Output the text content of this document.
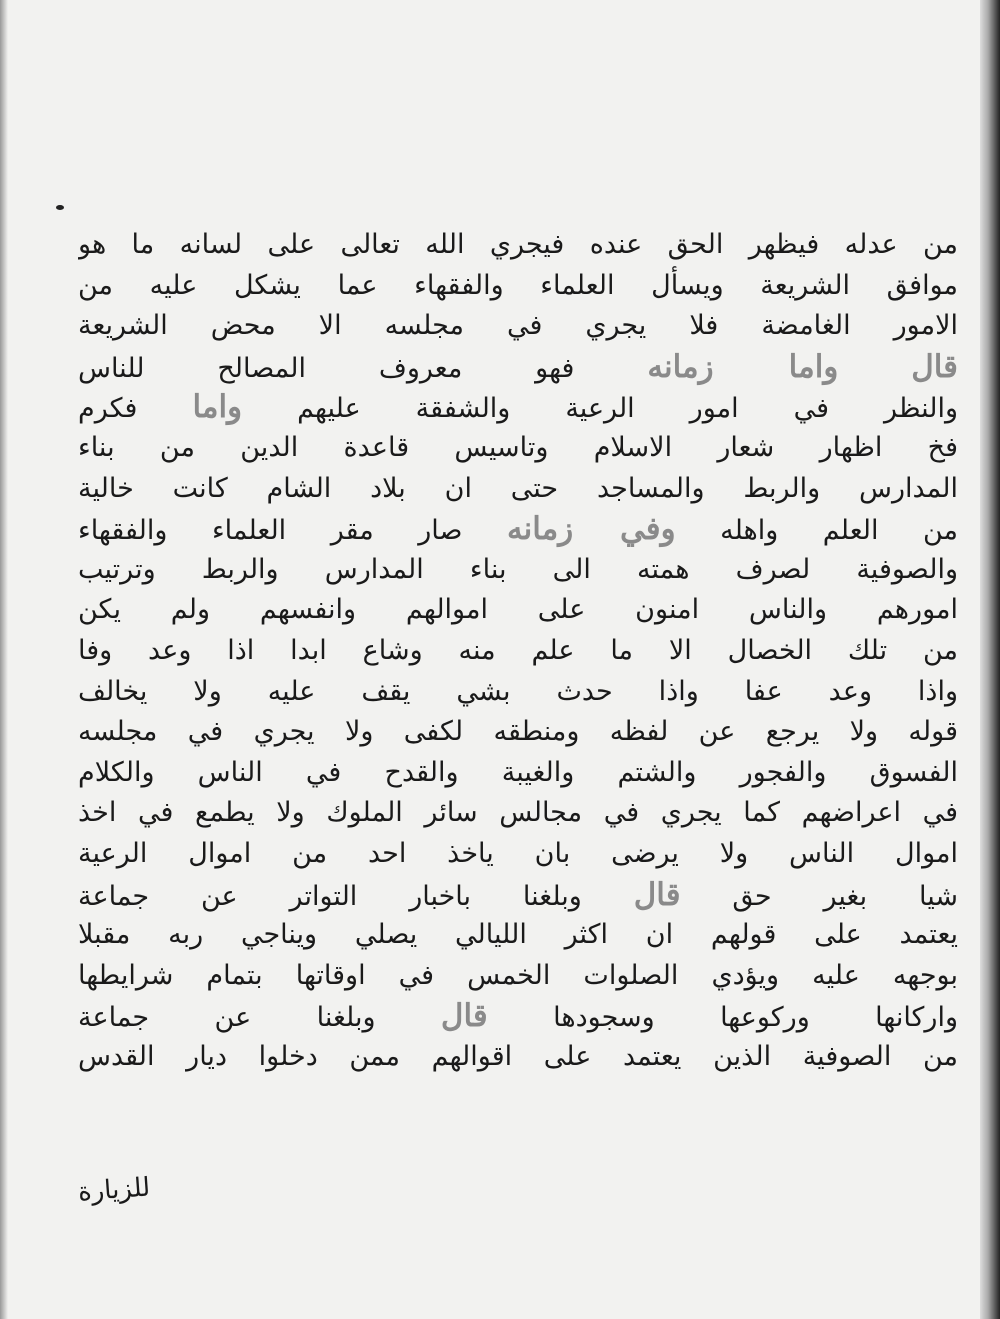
من عدله فيظهر الحق عنده فيجري الله تعالى على لسانه ما هو
موافق الشريعة ويسأل العلماء والفقهاء عما يشكل عليه من
الامور الغامضة فلا يجري في مجلسه الا محض الشريعة
قال واما زمانه فهو معروف المصالح للناس
والنظر في امور الرعية والشفقة عليهم واما فكرم
فخ اظهار شعار الاسلام وتاسيس قاعدة الدين من بناء
المدارس والربط والمساجد حتى ان بلاد الشام كانت خالية
من العلم واهله وفي زمانه صار مقر العلماء والفقهاء
والصوفية لصرف همته الى بناء المدارس والربط وترتيب
امورهم والناس امنون على اموالهم وانفسهم ولم يكن
من تلك الخصال الا ما علم منه وشاع ابدا اذا وعد وفا
واذا وعد عفا واذا حدث بشي يقف عليه ولا يخالف
قوله ولا يرجع عن لفظه ومنطقه لكفى ولا يجري في مجلسه
الفسوق والفجور والشتم والغيبة والقدح في الناس والكلام
في اعراضهم كما يجري في مجالس سائر الملوك ولا يطمع في اخذ
اموال الناس ولا يرضى بان ياخذ احد من اموال الرعية
شيا بغير حق قال وبلغنا باخبار التواتر عن جماعة
يعتمد على قولهم ان اكثر الليالي يصلي ويناجي ربه مقبلا
بوجهه عليه ويؤدي الصلوات الخمس في اوقاتها بتمام شرايطها
واركانها وركوعها وسجودها قال وبلغنا عن جماعة
من الصوفية الذين يعتمد على اقوالهم ممن دخلوا ديار القدس
للزيارة
